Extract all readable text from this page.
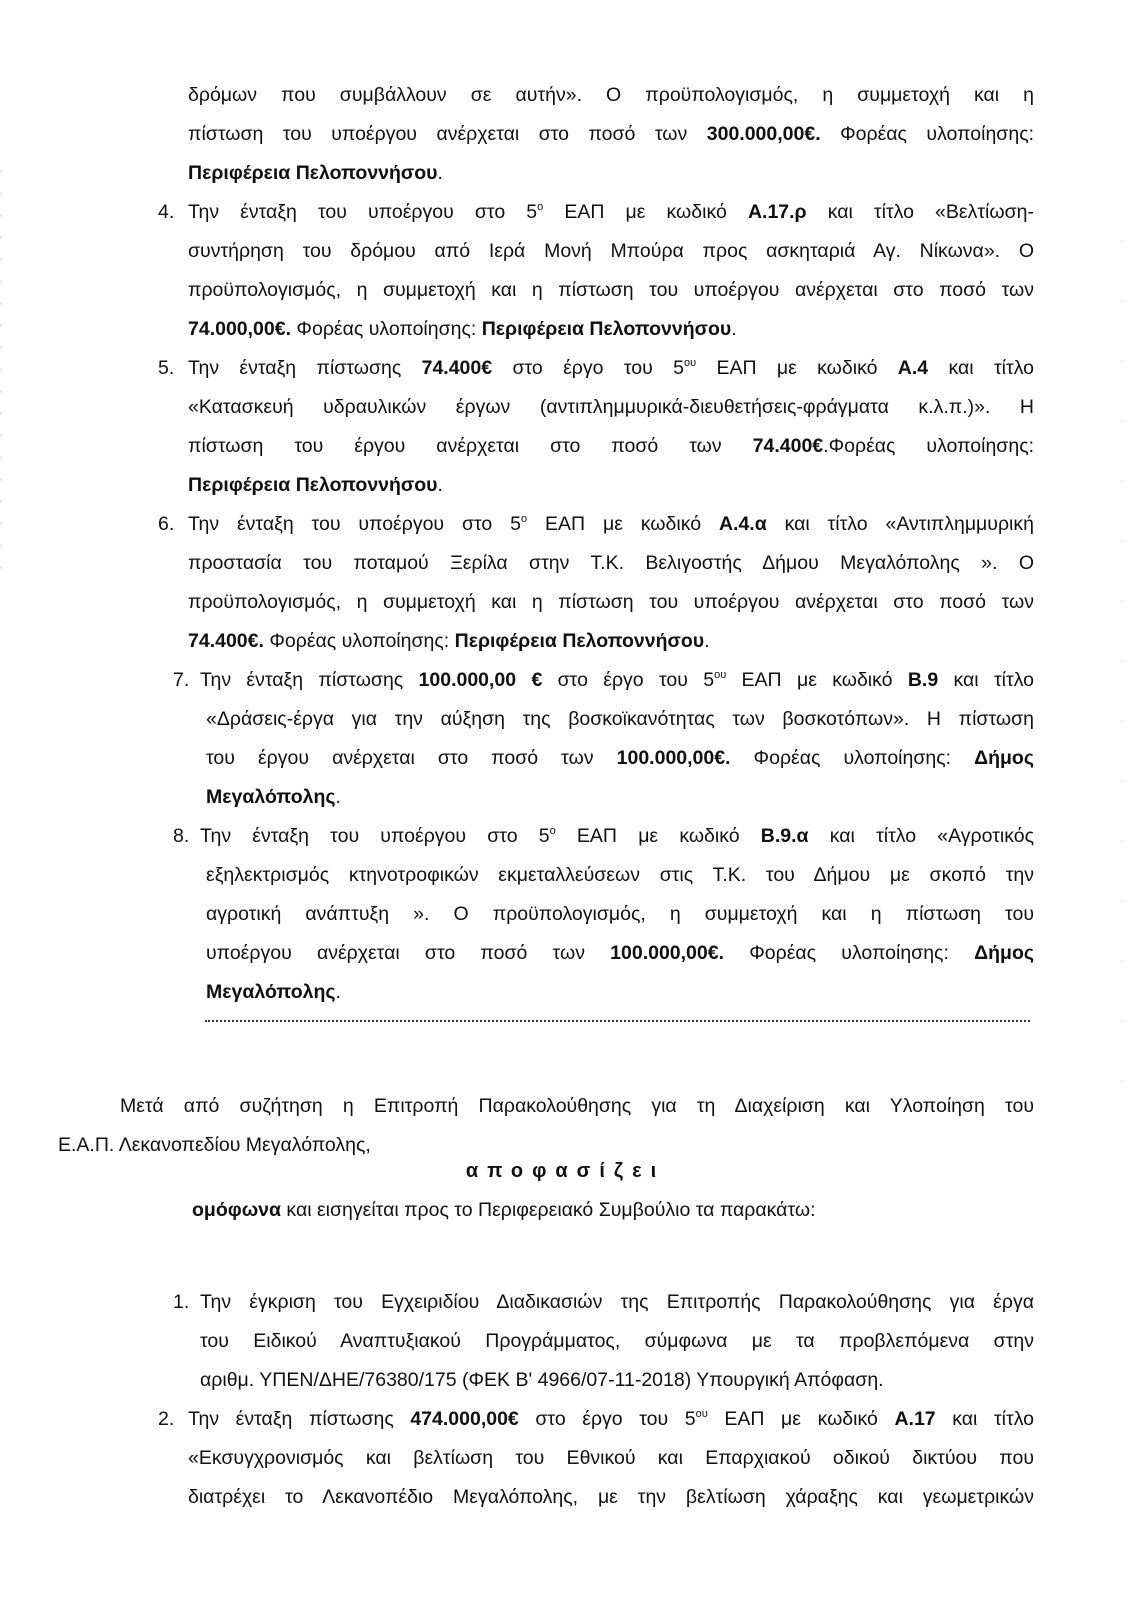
δρόμων που συμβάλλουν σε αυτήν». Ο προϋπολογισμός, η συμμετοχή και η
πίστωση του υποέργου ανέρχεται στο ποσό των 300.000,00€. Φορέας υλοποίησης:
Περιφέρεια Πελοποννήσου.
4. Την ένταξη του υποέργου στο $5^o$ ΕΑΠ με κωδικό Α.17.ρ και τίτλο «Βελτίωση-
συντήρηση του δρόμου από Ιερά Μονή Μπούρα προς ασκηταριά Αγ. Νίκωνα». Ο
προϋπολογισμός, η συμμετοχή και η πίστωση του υποέργου ανέρχεται στο ποσό των
74.000,00€. Φορέας υλοποίησης: Περιφέρεια Πελοποννήσου.
5. Την ένταξη πίστωσης 74.400€ στο έργο του $5^{o\upsilon}$ ΕΑΠ με κωδικό Α.4 και τίτλο
«Κατασκευή υδραυλικών έργων (αντιπλημμυρικά-διευθετήσεις-φράγματα κ.λ.π.)». Η
πίστωση του έργου ανέρχεται στο ποσό των 74.400€.Φορέας υλοποίησης:
Περιφέρεια Πελοποννήσου.
6. Την ένταξη του υποέργου στο $5^o$ ΕΑΠ με κωδικό Α.4.α και τίτλο «Αντιπλημμυρική
προστασία του ποταμού Ξερίλα στην Τ.Κ. Βελιγοστής Δήμου Μεγαλόπολης ». Ο
προϋπολογισμός, η συμμετοχή και η πίστωση του υποέργου ανέρχεται στο ποσό των
74.400€. Φορέας υλοποίησης: Περιφέρεια Πελοποννήσου.
7. Την ένταξη πίστωσης 100.000,00 € στο έργο του $5^{o\upsilon}$ ΕΑΠ με κωδικό Β.9 και τίτλο
«Δράσεις-έργα για την αύξηση της βοσκοϊκανότητας των βοσκοτόπων». Η πίστωση
του έργου ανέρχεται στο ποσό των 100.000,00€. Φορέας υλοποίησης: Δήμος
Μεγαλόπολης.
8. Την ένταξη του υποέργου στο $5^o$ ΕΑΠ με κωδικό Β.9.α και τίτλο «Αγροτικός
εξηλεκτρισμός κτηνοτροφικών εκμεταλλεύσεων στις Τ.Κ. του Δήμου με σκοπό την
αγροτική ανάπτυξη ». Ο προϋπολογισμός, η συμμετοχή και η πίστωση του
υποέργου ανέρχεται στο ποσό των 100.000,00€. Φορέας υλοποίησης: Δήμος
Μεγαλόπολης.
Μετά από συζήτηση η Επιτροπή Παρακολούθησης για τη Διαχείριση και Υλοποίηση του
Ε.Α.Π. Λεκανοπεδίου Μεγαλόπολης,
αποφασίζει
ομόφωνα και εισηγείται προς το Περιφερειακό Συμβούλιο τα παρακάτω:
1. Την έγκριση του Εγχειριδίου Διαδικασιών της Επιτροπής Παρακολούθησης για έργα
του Ειδικού Αναπτυξιακού Προγράμματος, σύμφωνα με τα προβλεπόμενα στην
αριθμ. ΥΠΕΝ/ΔΗΕ/76380/175 (ΦΕΚ Β' 4966/07-11-2018) Υπουργική Απόφαση.
2. Την ένταξη πίστωσης 474.000,00€ στο έργο του $5^{o\upsilon}$ ΕΑΠ με κωδικό Α.17 και τίτλο
«Εκσυγχρονισμός και βελτίωση του Εθνικού και Επαρχιακού οδικού δικτύου που
διατρέχει το Λεκανοπέδιο Μεγαλόπολης, με την βελτίωση χάραξης και γεωμετρικών
